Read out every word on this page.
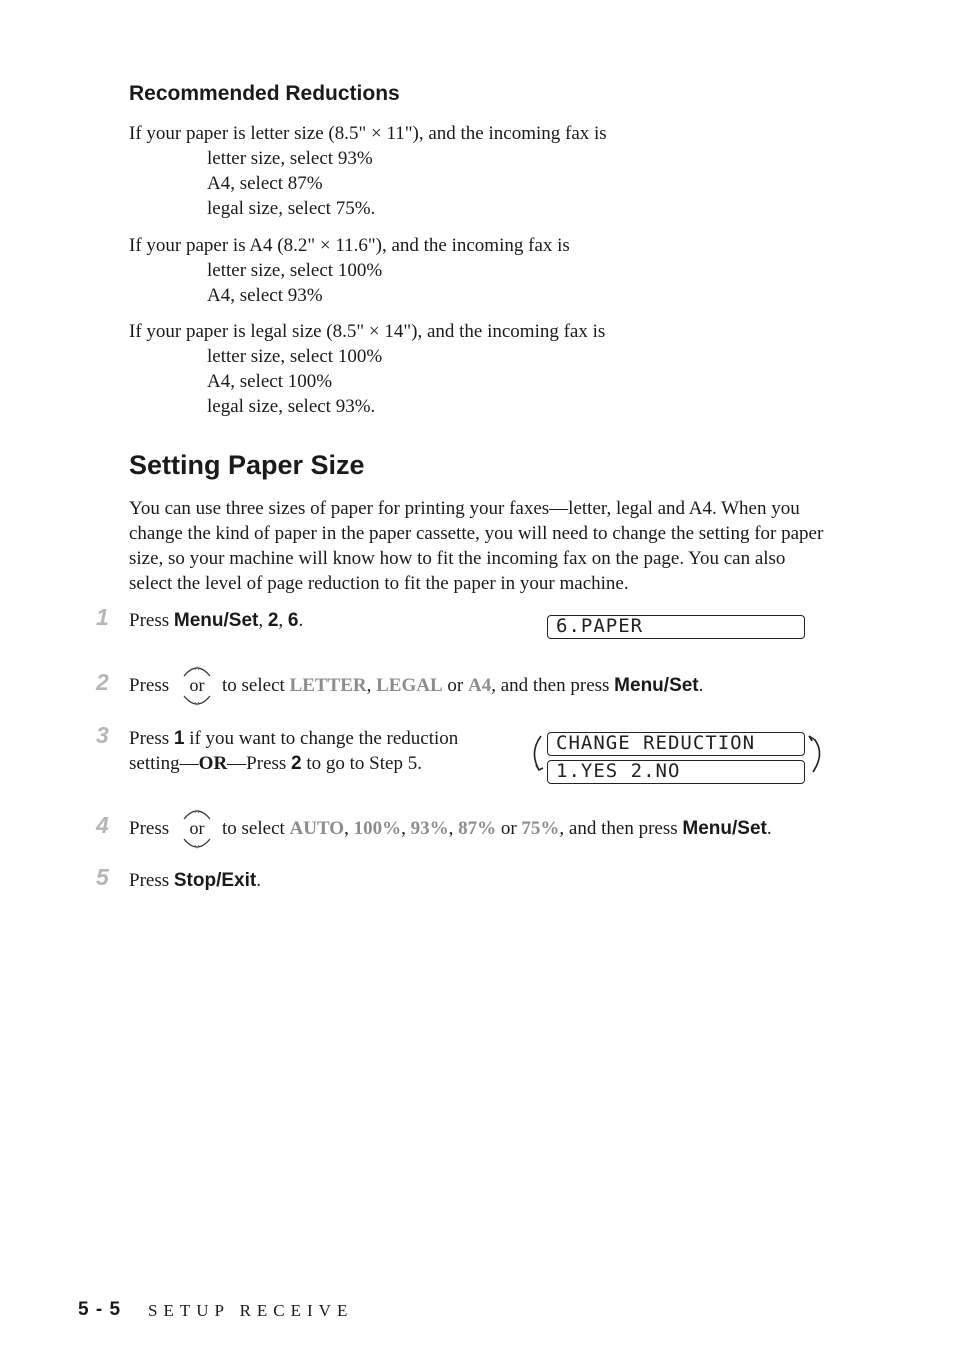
Recommended Reductions
If your paper is letter size (8.5" × 11"), and the incoming fax is
letter size, select 93%
A4, select 87%
legal size, select 75%.
If your paper is A4 (8.2" × 11.6"), and the incoming fax is
letter size, select 100%
A4, select 93%
If your paper is legal size (8.5" × 14"), and the incoming fax is
letter size, select 100%
A4, select 100%
legal size, select 93%.
Setting Paper Size
You can use three sizes of paper for printing your faxes—letter, legal and A4. When you change the kind of paper in the paper cassette, you will need to change the setting for paper size, so your machine will know how to fit the incoming fax on the page. You can also select the level of page reduction to fit the paper in your machine.
1 Press Menu/Set, 2, 6.	6.PAPER
2 Press	or to select LETTER, LEGAL or A4, and then press Menu/Set.
3 Press 1 if you want to change the reduction
setting—OR—Press 2 to go to Step 5.
CHANGE REDUCTION
1.YES 2.NO
4 Press	or to select AUTO, 100%, 93%, 87% or 75%, and then press Menu/Set.
5 Press Stop/Exit.
5 - 5 SETUP RECEIVE
